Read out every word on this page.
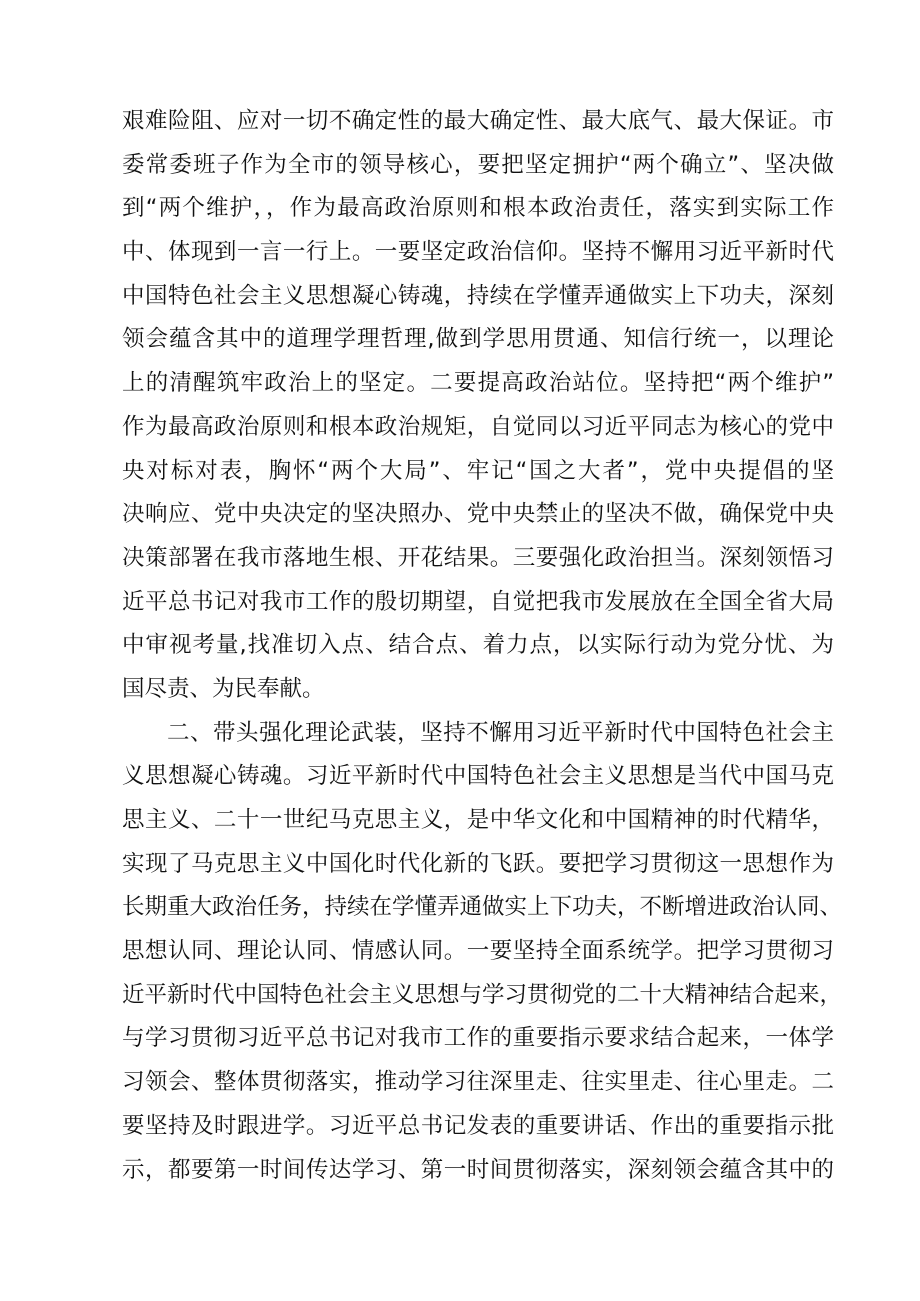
艰难险阻、应对一切不确定性的最大确定性、最大底气、最大保证。市
委常委班子作为全市的领导核心，要把坚定拥护“两个确立”、坚决做
到“两个维护，，作为最高政治原则和根本政治责任，落实到实际工作
中、体现到一言一行上。一要坚定政治信仰。坚持不懈用习近平新时代
中国特色社会主义思想凝心铸魂，持续在学懂弄通做实上下功夫，深刻
领会蕴含其中的道理学理哲理,做到学思用贯通、知信行统一，以理论
上的清醒筑牢政治上的坚定。二要提高政治站位。坚持把“两个维护”
作为最高政治原则和根本政治规矩，自觉同以习近平同志为核心的党中
央对标对表，胸怀“两个大局”、牢记“国之大者”，党中央提倡的坚
决响应、党中央决定的坚决照办、党中央禁止的坚决不做，确保党中央
决策部署在我市落地生根、开花结果。三要强化政治担当。深刻领悟习
近平总书记对我市工作的殷切期望，自觉把我市发展放在全国全省大局
中审视考量,找准切入点、结合点、着力点，以实际行动为党分忧、为
国尽责、为民奉献。
二、带头强化理论武装，坚持不懈用习近平新时代中国特色社会主
义思想凝心铸魂。习近平新时代中国特色社会主义思想是当代中国马克
思主义、二十一世纪马克思主义，是中华文化和中国精神的时代精华，
实现了马克思主义中国化时代化新的飞跃。要把学习贯彻这一思想作为
长期重大政治任务，持续在学懂弄通做实上下功夫，不断增进政治认同、
思想认同、理论认同、情感认同。一要坚持全面系统学。把学习贯彻习
近平新时代中国特色社会主义思想与学习贯彻党的二十大精神结合起来，
与学习贯彻习近平总书记对我市工作的重要指示要求结合起来，一体学
习领会、整体贯彻落实，推动学习往深里走、往实里走、往心里走。二
要坚持及时跟进学。习近平总书记发表的重要讲话、作出的重要指示批
示，都要第一时间传达学习、第一时间贯彻落实，深刻领会蕴含其中的
